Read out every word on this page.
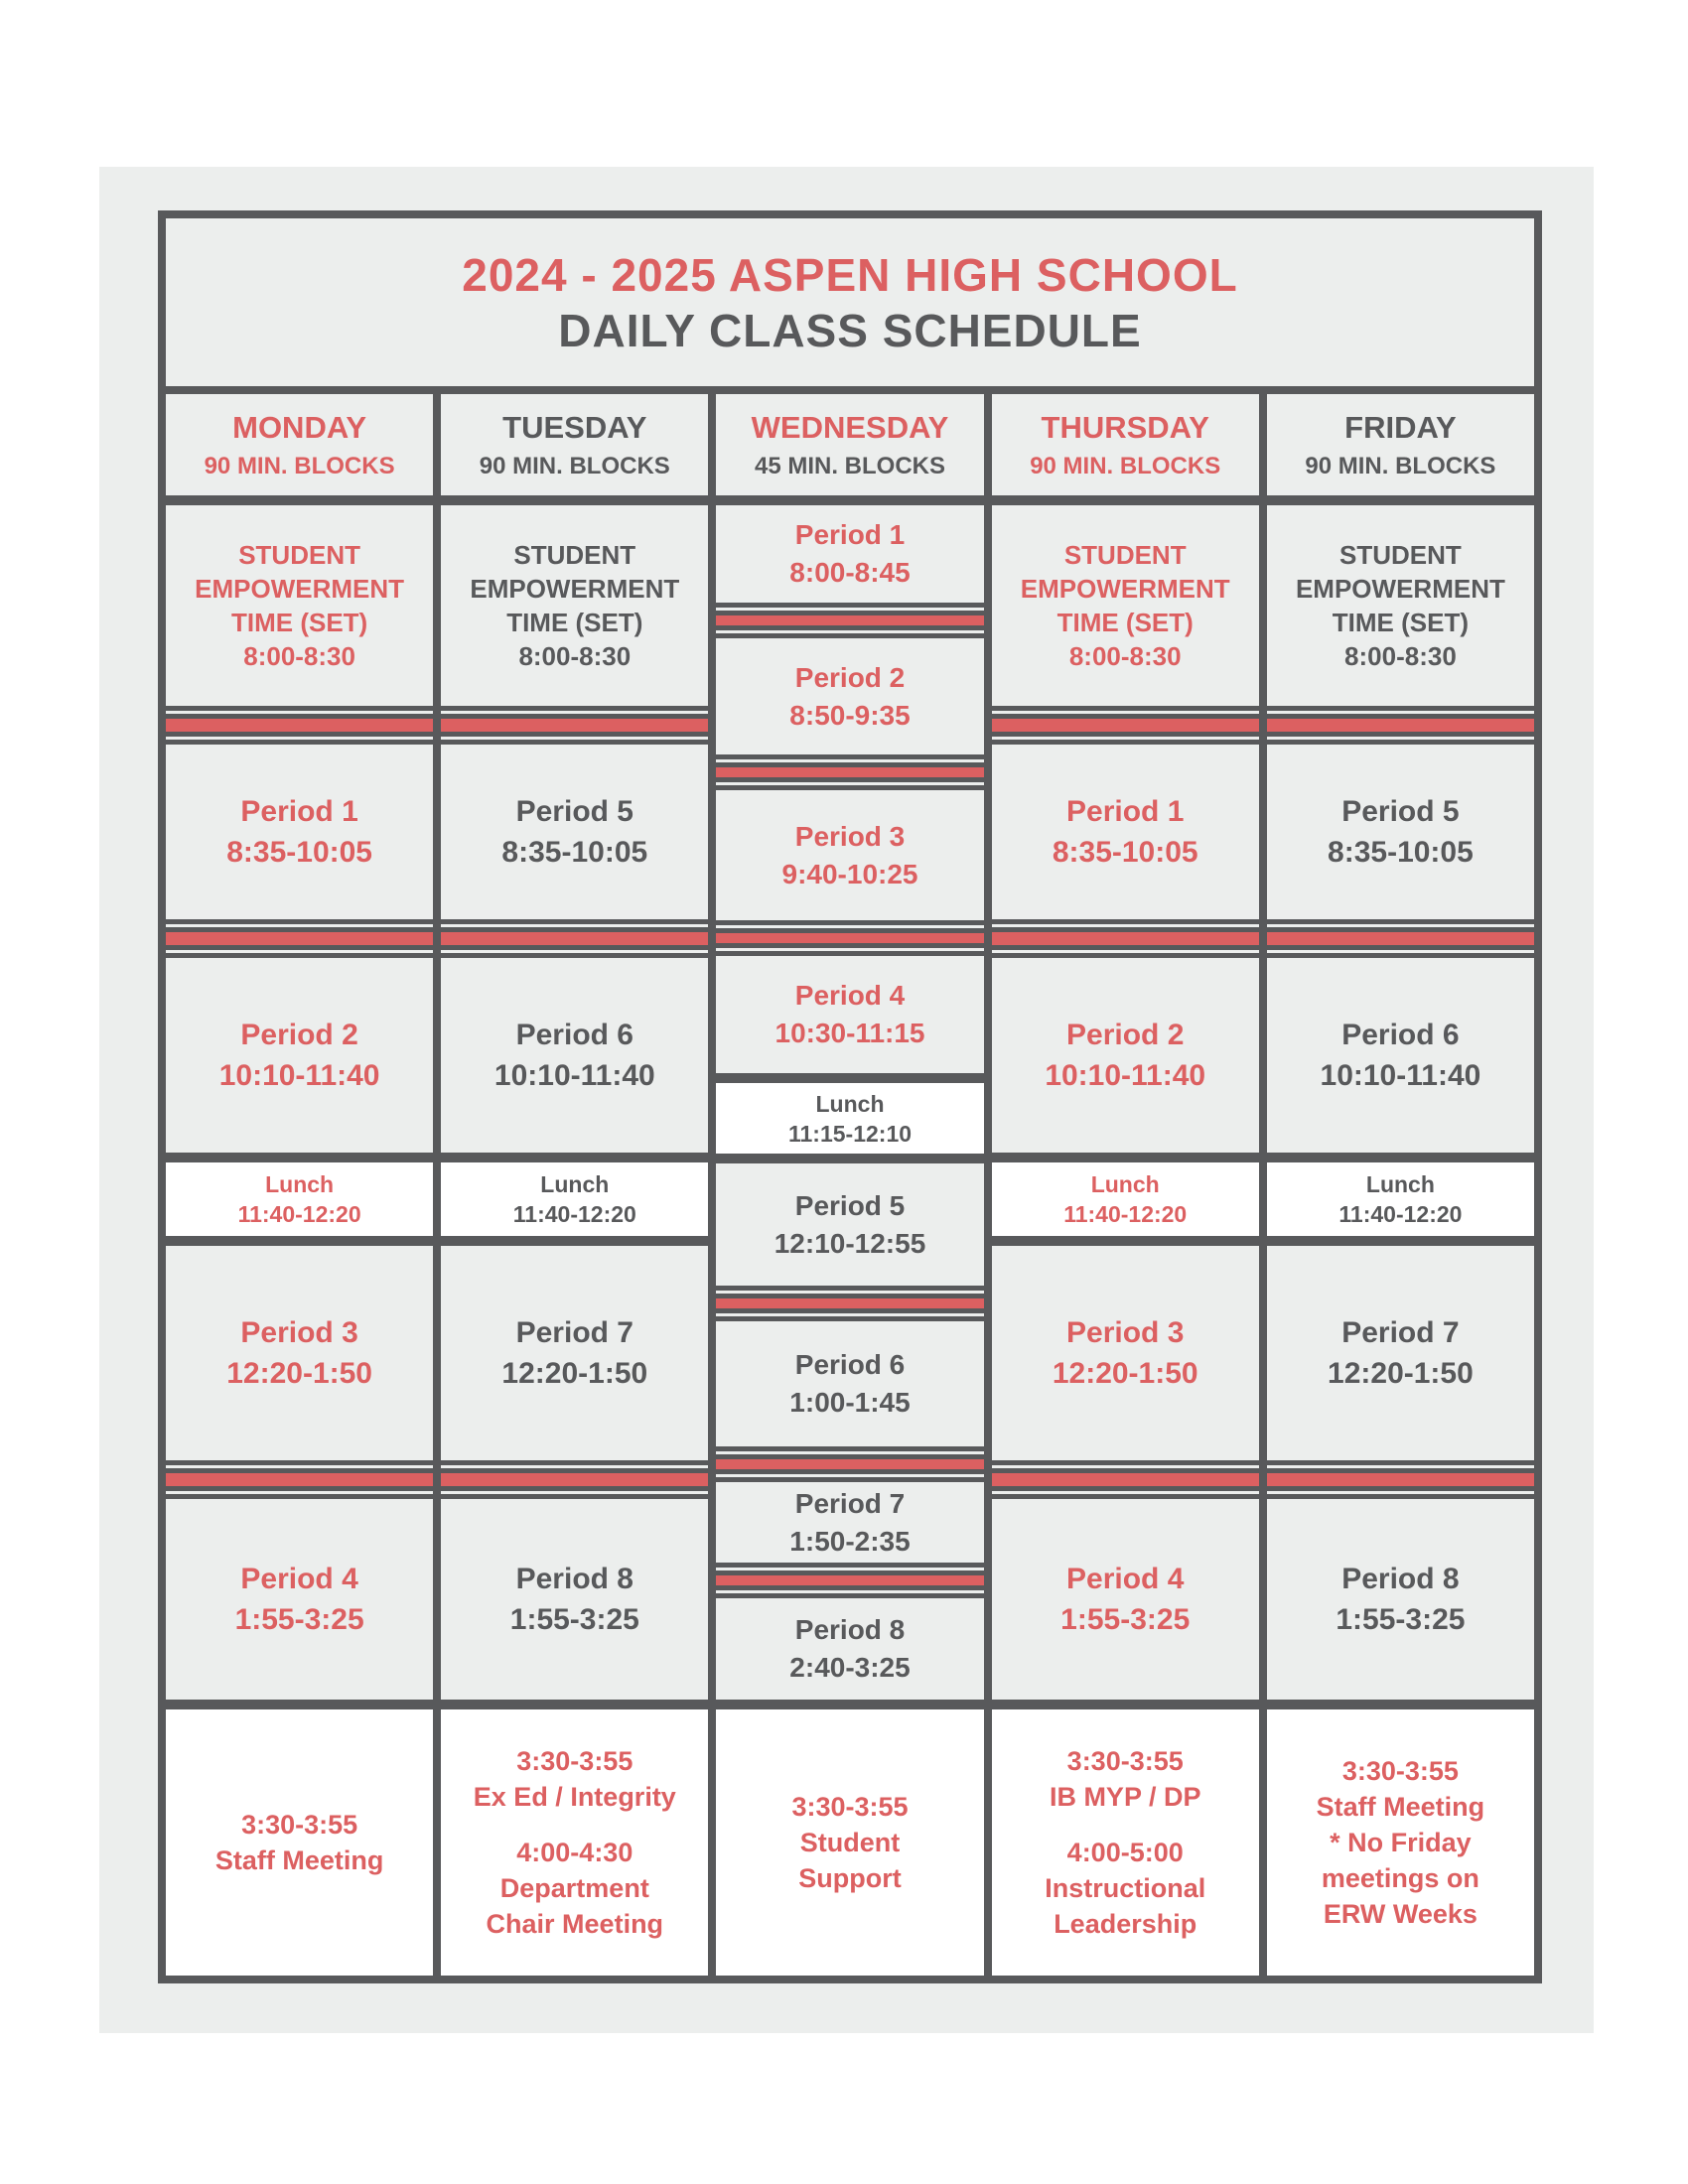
2024 - 2025 ASPEN HIGH SCHOOL
DAILY CLASS SCHEDULE
MONDAY
90 MIN. BLOCKS
STUDENT
EMPOWERMENT
TIME (SET)
8:00-8:30
Period 1
8:35-10:05
Period 2
10:10-11:40
Lunch
11:40-12:20
Period 3
12:20-1:50
Period 4
1:55-3:25
3:30-3:55
Staff Meeting
TUESDAY
90 MIN. BLOCKS
STUDENT
EMPOWERMENT
TIME (SET)
8:00-8:30
Period 5
8:35-10:05
Period 6
10:10-11:40
Lunch
11:40-12:20
Period 7
12:20-1:50
Period 8
1:55-3:25
3:30-3:55
Ex Ed / Integrity
4:00-4:30
Department
Chair Meeting
WEDNESDAY
45 MIN. BLOCKS
Period 1
8:00-8:45
Period 2
8:50-9:35
Period 3
9:40-10:25
Period 4
10:30-11:15
Lunch
11:15-12:10
Period 5
12:10-12:55
Period 6
1:00-1:45
Period 7
1:50-2:35
Period 8
2:40-3:25
3:30-3:55
Student
Support
THURSDAY
90 MIN. BLOCKS
STUDENT
EMPOWERMENT
TIME (SET)
8:00-8:30
Period 1
8:35-10:05
Period 2
10:10-11:40
Lunch
11:40-12:20
Period 3
12:20-1:50
Period 4
1:55-3:25
3:30-3:55
IB MYP / DP
4:00-5:00
Instructional
Leadership
FRIDAY
90 MIN. BLOCKS
STUDENT
EMPOWERMENT
TIME (SET)
8:00-8:30
Period 5
8:35-10:05
Period 6
10:10-11:40
Lunch
11:40-12:20
Period 7
12:20-1:50
Period 8
1:55-3:25
3:30-3:55
Staff Meeting
* No Friday
meetings on
ERW Weeks
